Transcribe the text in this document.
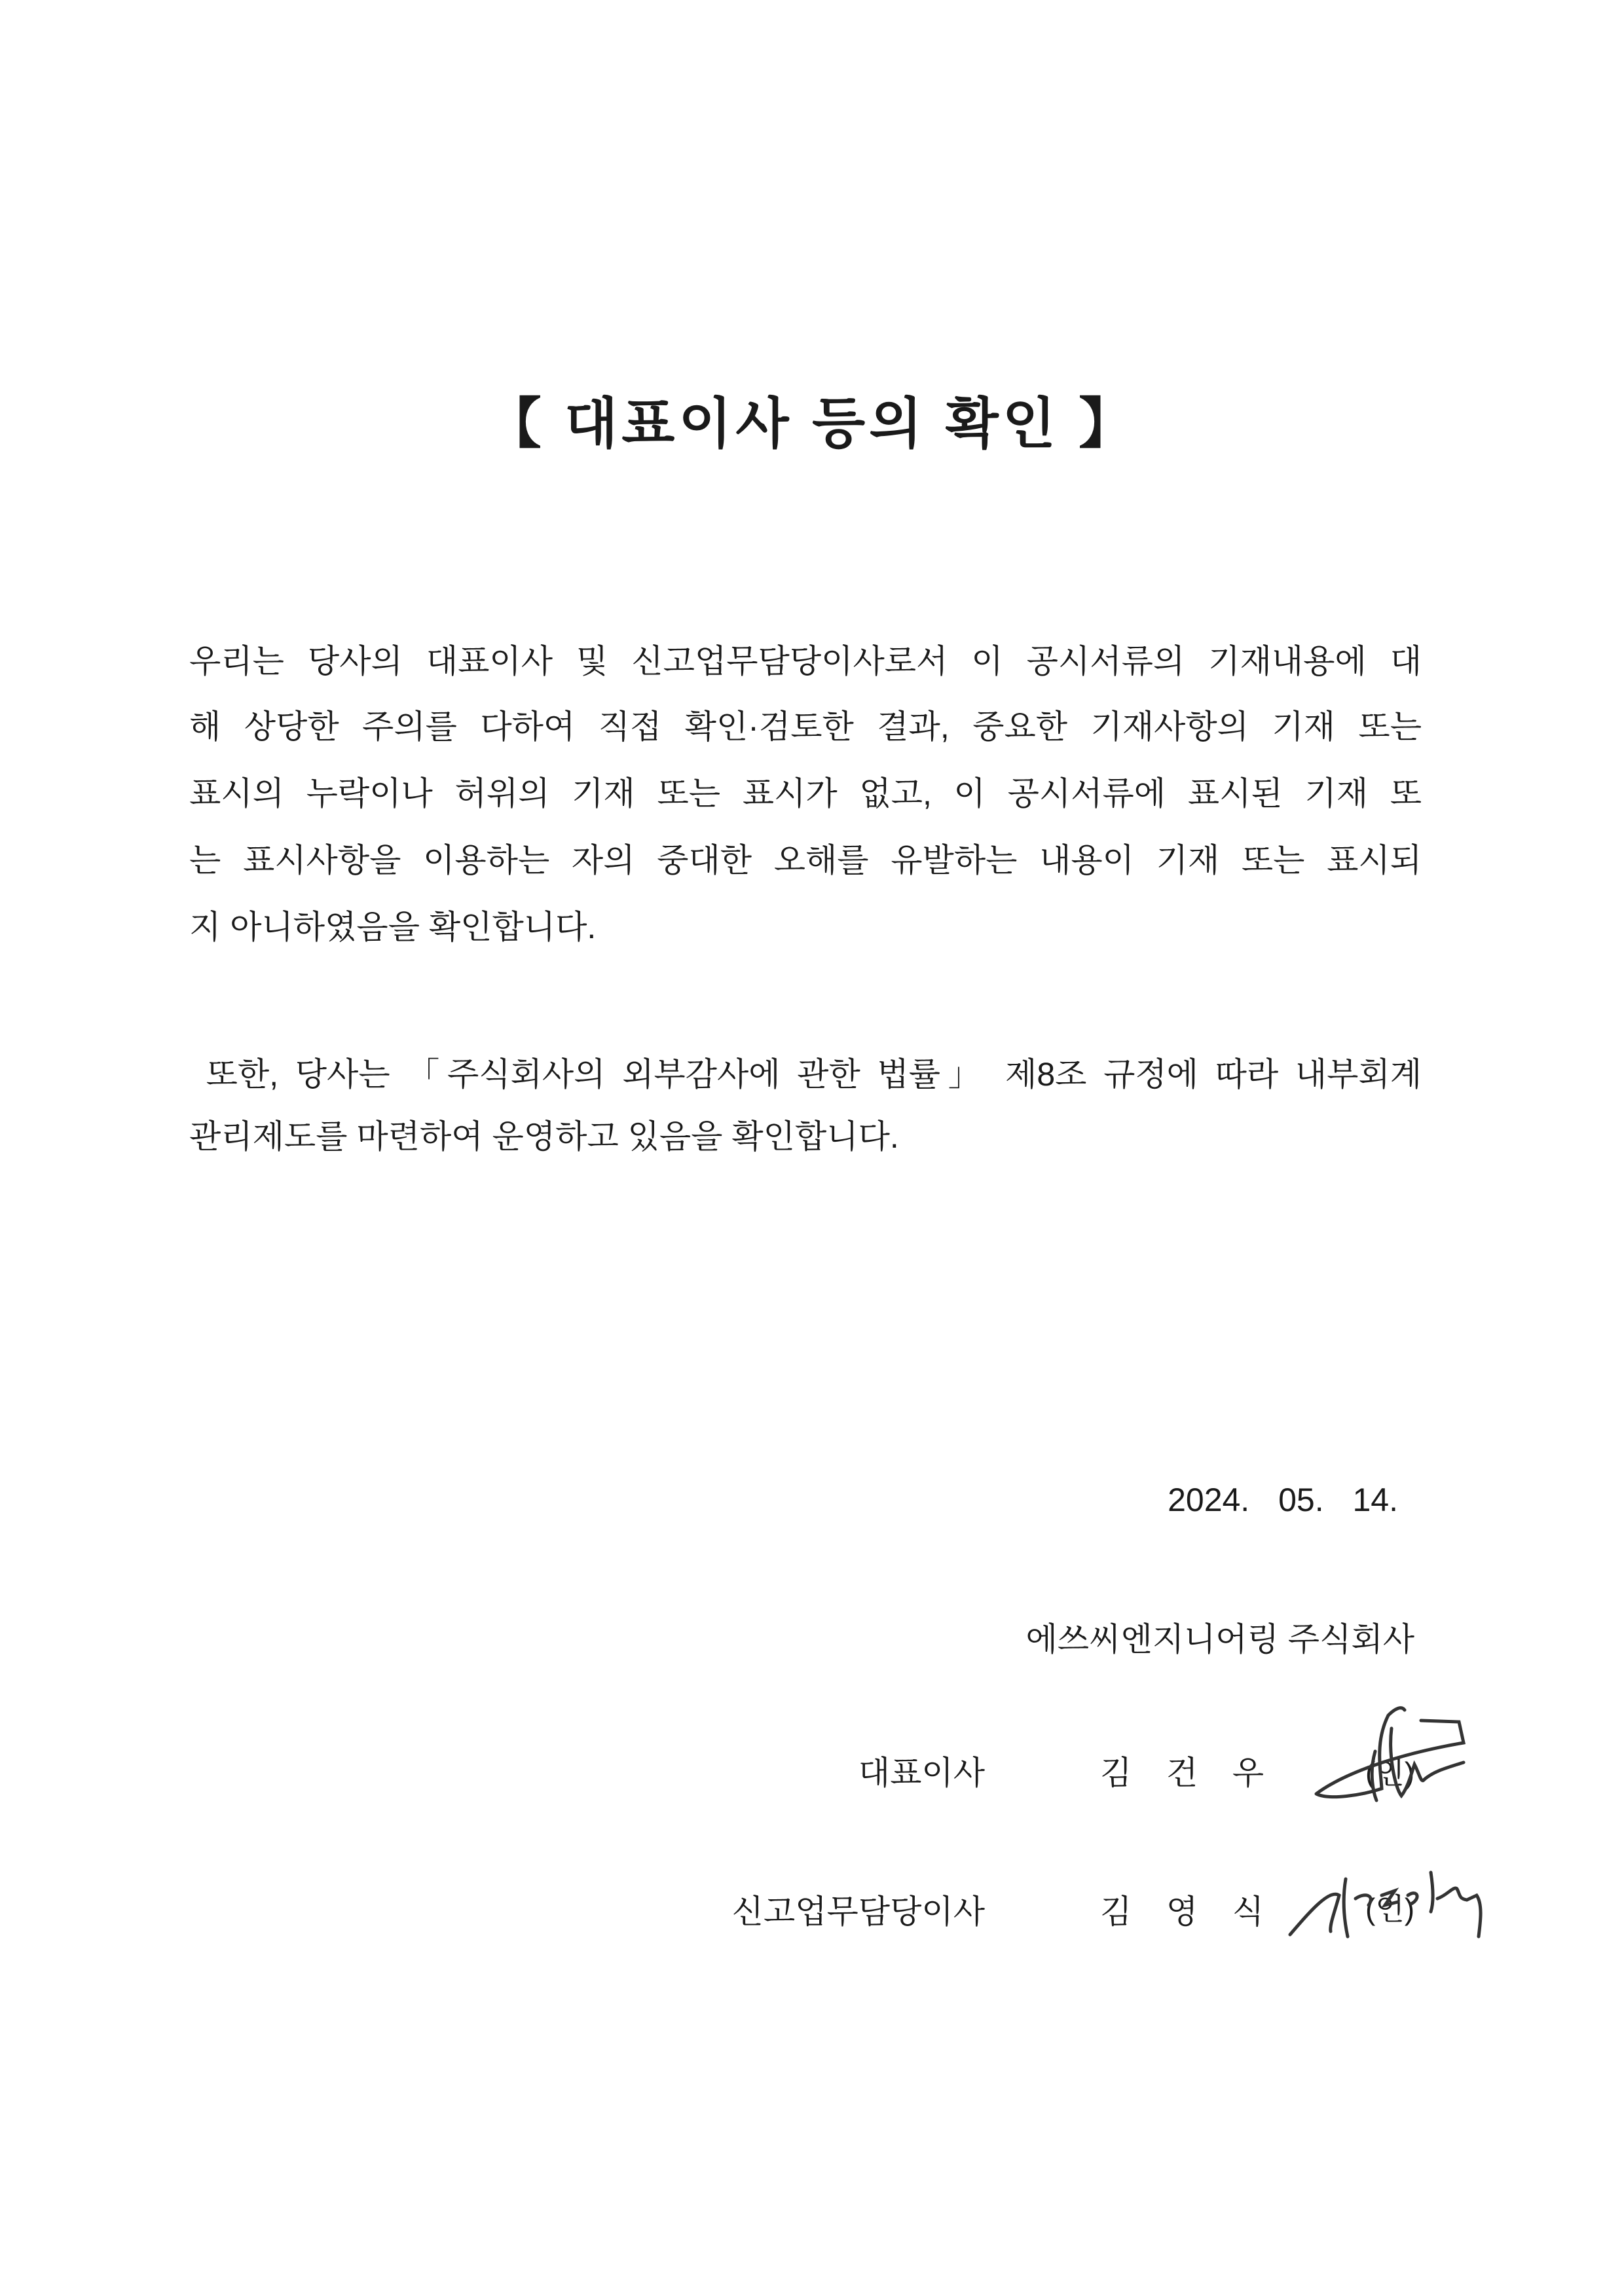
【 대표이사 등의 확인 】
우리는 당사의 대표이사 및 신고업무담당이사로서 이 공시서류의 기재내용에 대
해 상당한 주의를 다하여 직접 확인·검토한 결과, 중요한 기재사항의 기재 또는
표시의 누락이나 허위의 기재 또는 표시가 없고, 이 공시서류에 표시된 기재 또
는 표시사항을 이용하는 자의 중대한 오해를 유발하는 내용이 기재 또는 표시되
지 아니하였음을 확인합니다.
또한, 당사는 「주식회사의 외부감사에 관한 법률」 제8조 규정에 따라 내부회계
관리제도를 마련하여 운영하고 있음을 확인합니다.
2024. 05. 14.
에쓰씨엔지니어링 주식회사
대표이사	김 건 우	(인)
신고업무담당이사	김 영 식	(인)
